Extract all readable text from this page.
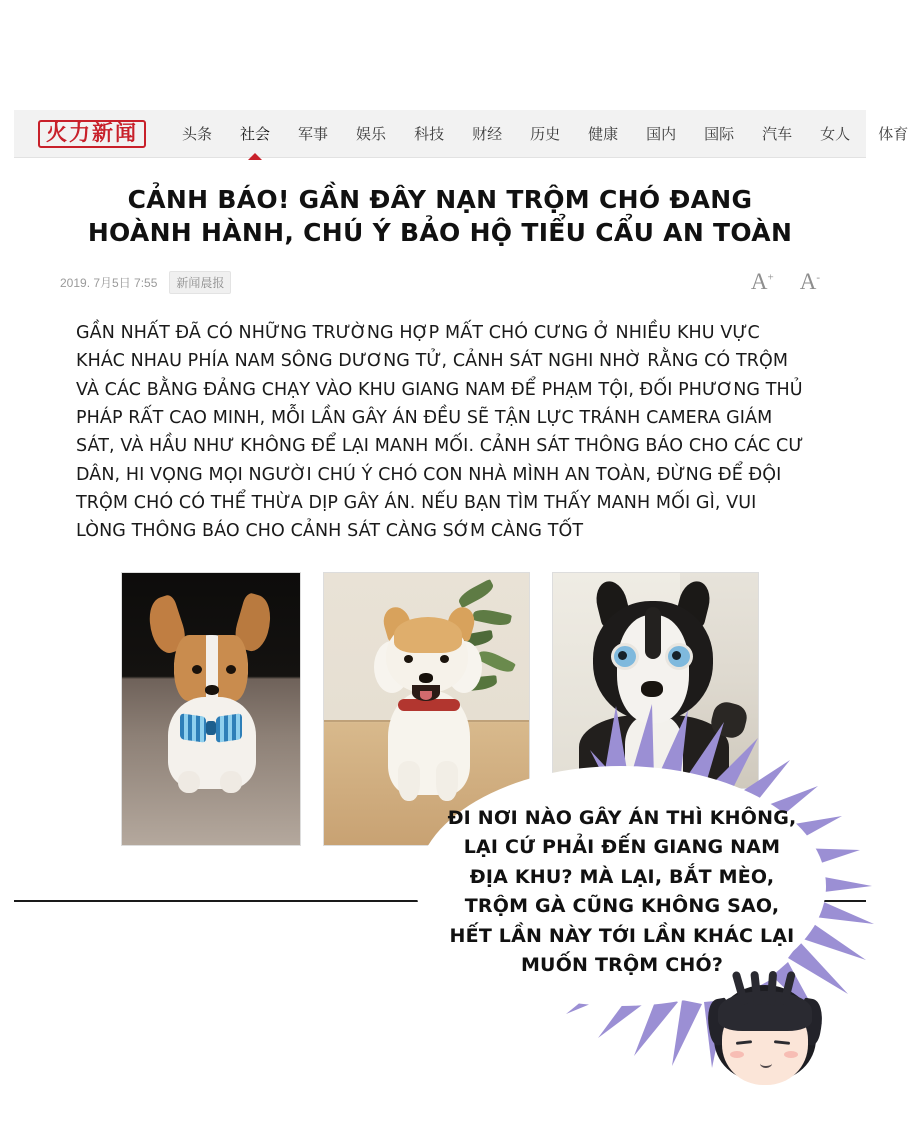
火力新闻	头条	社会	军事	娱乐	科技	财经	历史	健康	国内	国际	汽车	女人	体育
CẢNH BÁO! GẦN ĐÂY NẠN TRỘM CHÓ ĐANG HOÀNH HÀNH, CHÚ Ý BẢO HỘ TIỂU CẨU AN TOÀN
2019. 7月5日 7:55	新闻晨报	A+ A-
GẦN NHẤT ĐÃ CÓ NHỮNG TRƯỜNG HỢP MẤT CHÓ CƯNG Ở NHIỀU KHU VỰC KHÁC NHAU PHÍA NAM SÔNG DƯƠNG TỬ, CẢNH SÁT NGHI NHỜ RẰNG CÓ TRỘM VÀ CÁC BẰNG ĐẢNG CHẠY VÀO KHU GIANG NAM ĐỂ PHẠM TỘI, ĐỐI PHƯƠNG THỦ PHÁP RẤT CAO MINH, MỖI LẦN GÂY ÁN ĐỀU SẼ TẬN LỰC TRÁNH CAMERA GIÁM SÁT, VÀ HẦU NHƯ KHÔNG ĐỂ LẠI MANH MỐI. CẢNH SÁT THÔNG BÁO CHO CÁC CƯ DÂN, HI VỌNG MỌI NGƯỜI CHÚ Ý CHÓ CON NHÀ MÌNH AN TOÀN, ĐỪNG ĐỂ ĐỘI TRỘM CHÓ CÓ THỂ THỪA DỊP GÂY ÁN. NẾU BẠN TÌM THẤY MANH MỐI GÌ, VUI LÒNG THÔNG BÁO CHO CẢNH SÁT CÀNG SỚM CÀNG TỐT
ĐI NƠI NÀO GÂY ÁN THÌ KHÔNG, LẠI CỨ PHẢI ĐẾN GIANG NAM ĐỊA KHU? MÀ LẠI, BẮT MÈO, TRỘM GÀ CŨNG KHÔNG SAO, HẾT LẦN NÀY TỚI LẦN KHÁC LẠI MUỐN TRỘM CHÓ?
